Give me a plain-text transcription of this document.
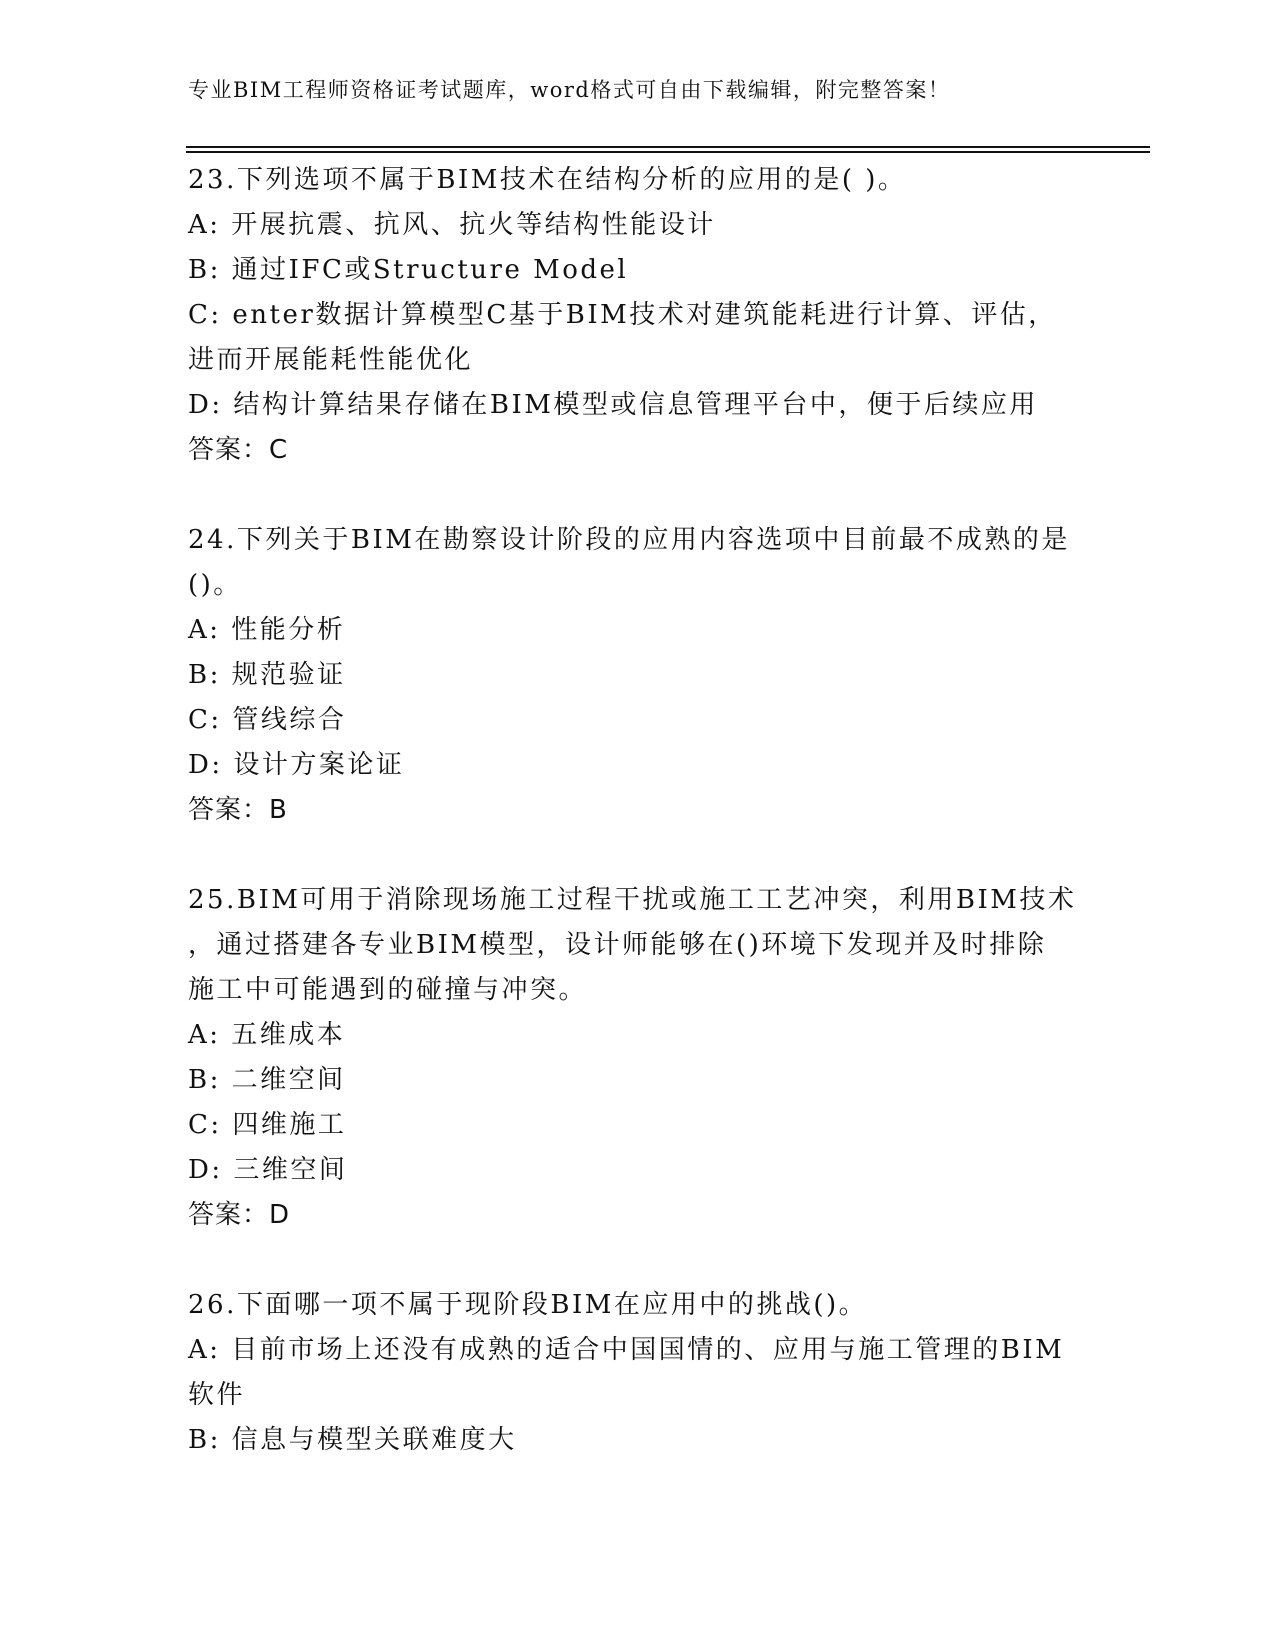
专业BIM工程师资格证考试题库，word格式可自由下载编辑，附完整答案！
23.下列选项不属于BIM技术在结构分析的应用的是( )。
A: 开展抗震、抗风、抗火等结构性能设计
B: 通过IFC或Structure Model
C: enter数据计算模型C基于BIM技术对建筑能耗进行计算、评估，
进而开展能耗性能优化
D: 结构计算结果存储在BIM模型或信息管理平台中，便于后续应用
答案：C
24.下列关于BIM在勘察设计阶段的应用内容选项中目前最不成熟的是
()。
A: 性能分析
B: 规范验证
C: 管线综合
D: 设计方案论证
答案：B
25.BIM可用于消除现场施工过程干扰或施工工艺冲突，利用BIM技术
，通过搭建各专业BIM模型，设计师能够在()环境下发现并及时排除
施工中可能遇到的碰撞与冲突。
A: 五维成本
B: 二维空间
C: 四维施工
D: 三维空间
答案：D
26.下面哪一项不属于现阶段BIM在应用中的挑战()。
A: 目前市场上还没有成熟的适合中国国情的、应用与施工管理的BIM
软件
B: 信息与模型关联难度大
